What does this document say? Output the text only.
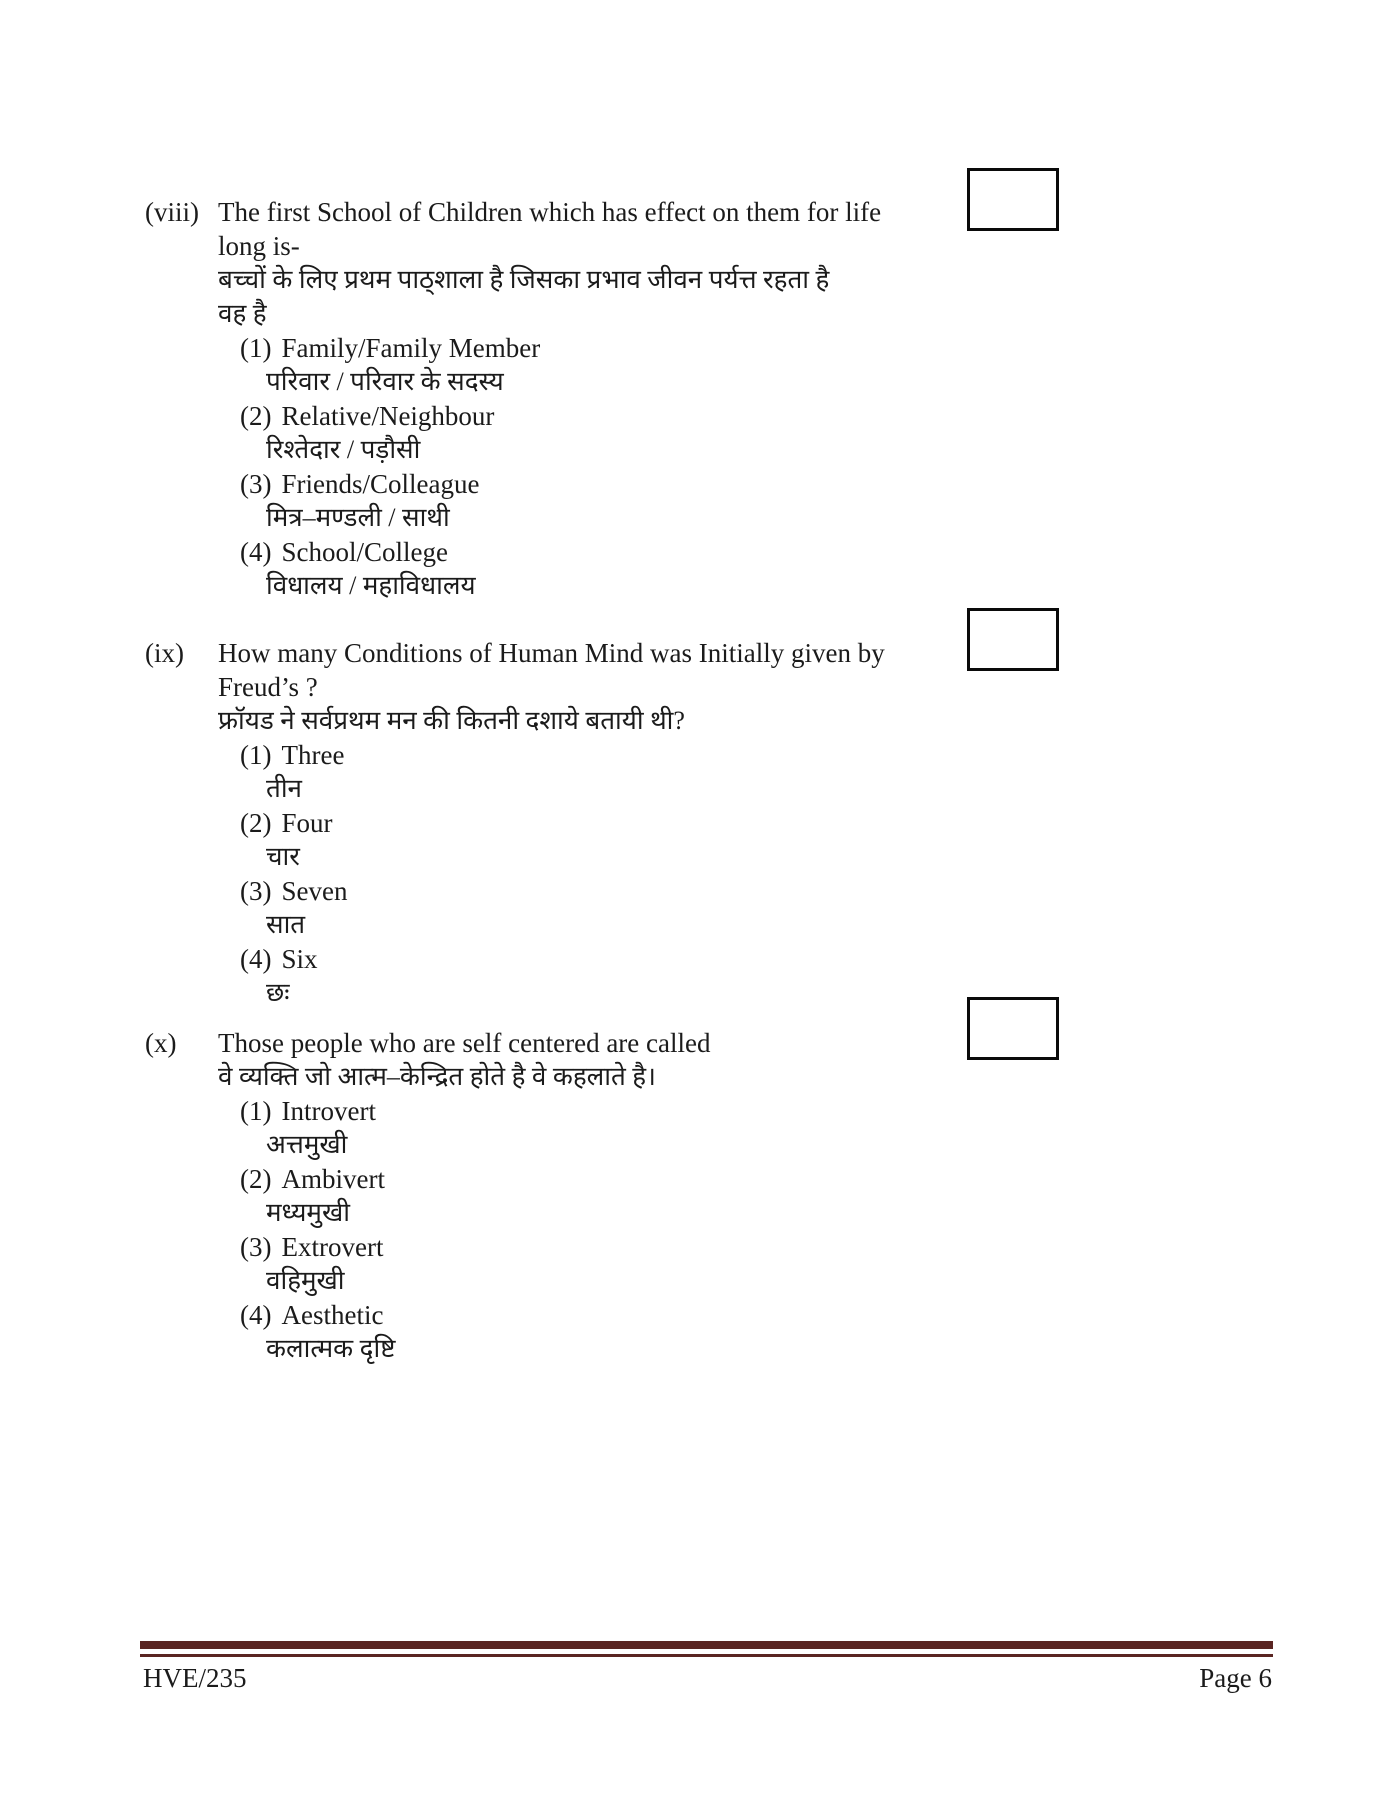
(viii) The first School of Children which has effect on them for life
long is-
बच्चों के लिए प्रथम पाठ्शाला है जिसका प्रभाव जीवन पर्यत्त रहता है
वह है
(1) Family/Family Member
परिवार / परिवार के सदस्य
(2) Relative/Neighbour
रिश्तेदार / पड़ौसी
(3) Friends/Colleague
मित्र–मण्डली / साथी
(4) School/College
विधालय / महाविधालय
(ix)	How many Conditions of Human Mind was Initially given by
Freud’s ?
फ्रॉयड ने सर्वप्रथम मन की कितनी दशाये बतायी थी?
(1) Three
तीन
(2) Four
चार
(3) Seven
सात
(4) Six
छः
(x)	Those people who are self centered are called
वे व्यक्ति जो आत्म–केन्द्रित होते है वे कहलाते है।
(1) Introvert
अत्तमुखी
(2) Ambivert
मध्यमुखी
(3) Extrovert
वहिमुखी
(4) Aesthetic
कलात्मक दृष्टि
HVE/235	Page 6
